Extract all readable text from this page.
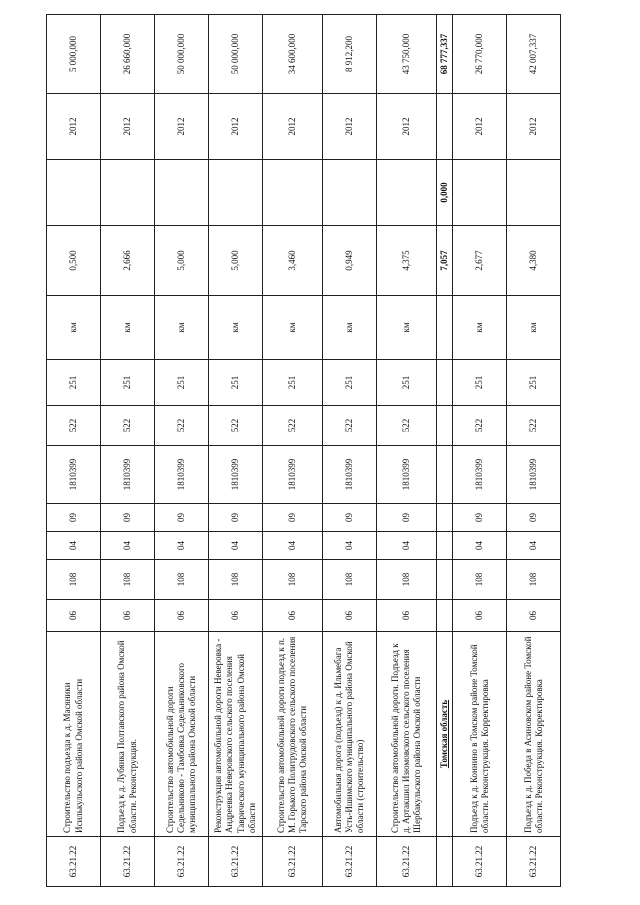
63.21.22	Строительство подъезда к д. Масяники Исилькульского района Омской области	06	108	04	09	1810399	522	251	км	0,500		2012	5 000,000
63.21.22	Подъезд к д. Лубянка Полтавского района Омской области. Реконструкция.	06	108	04	09	1810399	522	251	км	2,666		2012	26 660,000
63.21.22	Строительство автомобильной дороги Седельниково - Тамбовка Седельниковского муниципального района Омской области	06	108	04	09	1810399	522	251	км	5,000		2012	50 000,000
63.21.22	Реконструкция автомобильной дороги Неверовка - Андреевка Неверовского сельского поселения Таврического муниципального района Омской области	06	108	04	09	1810399	522	251	км	5,000		2012	50 000,000
63.21.22	Строительство автомобильной дороги подъезд к п. М. Горького Политрудовского сельского поселения Тарского района Омской области	06	108	04	09	1810399	522	251	км	3,460		2012	34 600,000
63.21.22	Автомобильная дорога (подъезд) к д. Ильмебага Усть-Ишимского муниципального района Омской области (строительство)	06	108	04	09	1810399	522	251	км	0,949		2012	8 912,200
63.21.22	Строительство автомобильной дороги. Подъезд к д. Артакшил Изюмовского сельского поселения Шербакульского района Омской области	06	108	04	09	1810399	522	251	км	4,375		2012	43 750,000
	Томская область									7,057	0,000		68 777,337
63.21.22	Подъезд к д. Коннино в Томском районе Томской области. Реконструкция. Корректировка	06	108	04	09	1810399	522	251	км	2,677		2012	26 770,000
63.21.22	Подъезд к д. Победа в Асиновском районе Томской области. Реконструкция. Корректировка	06	108	04	09	1810399	522	251	км	4,380		2012	42 007,337
